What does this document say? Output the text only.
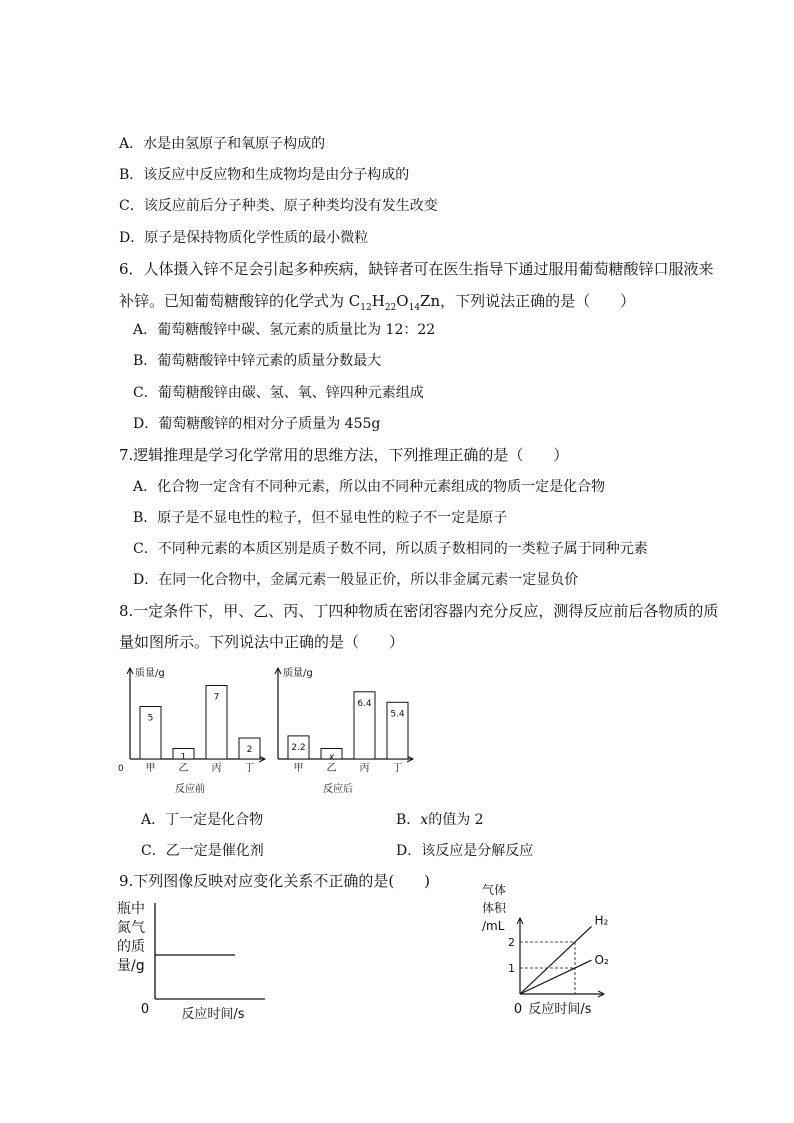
A．水是由氢原子和氧原子构成的
B．该反应中反应物和生成物均是由分子构成的
C．该反应前后分子种类、原子种类均没有发生改变
D．原子是保持物质化学性质的最小微粒
6．人体摄入锌不足会引起多种疾病，缺锌者可在医生指导下通过服用葡萄糖酸锌口服液来
补锌。已知葡萄糖酸锌的化学式为 $C_{12}H_{22}O_{14}Zn$，下列说法正确的是（　　）
A．葡萄糖酸锌中碳、氢元素的质量比为 12：22
B．葡萄糖酸锌中锌元素的质量分数最大
C．葡萄糖酸锌由碳、氢、氧、锌四种元素组成
D．葡萄糖酸锌的相对分子质量为 455g
7.逻辑推理是学习化学常用的思维方法，下列推理正确的是（　　）
A．化合物一定含有不同种元素，所以由不同种元素组成的物质一定是化合物
B．原子是不显电性的粒子，但不显电性的粒子不一定是原子
C．不同种元素的本质区别是质子数不同，所以质子数相同的一类粒子属于同种元素
D．在同一化合物中，金属元素一般显正价，所以非金属元素一定显负价
8.一定条件下，甲、乙、丙、丁四种物质在密闭容器内充分反应，测得反应前后各物质的质
量如图所示。下列说法中正确的是（　　）
质量/g
0
5
甲
1
乙
7
丙
2
丁
反应前
质量/g
2.2
甲
x
乙
6.4
丙
5.4
丁
反应后
A．丁一定是化合物	B．x的值为 2
C．乙一定是催化剂	D．该反应是分解反应
9.下列图像反映对应变化关系不正确的是(　　)
瓶中
氮气
的质
量/g
0 反应时间/s
气体
体积
/mL
1
2
H₂
O₂
0 反应时间/s
